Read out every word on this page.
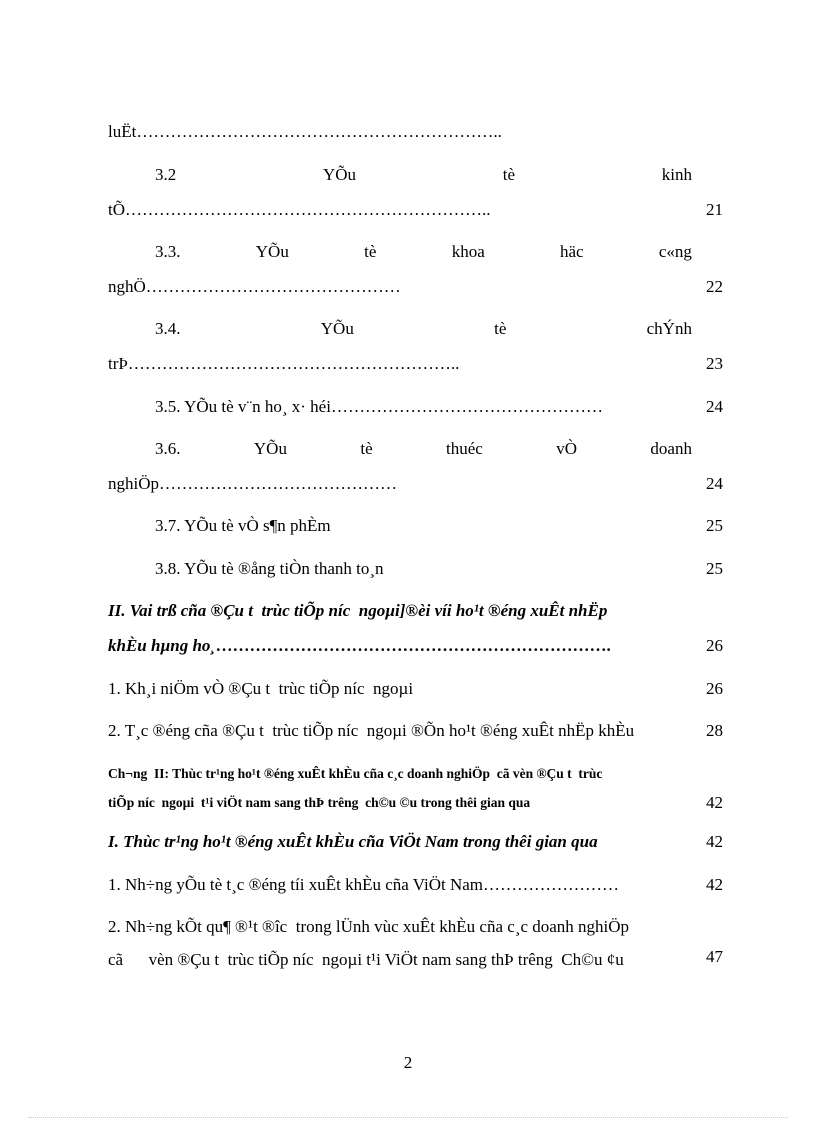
luËt………………………………………………………..
3.2	YÕu	tè	kinh
tÕ………………………………………………………..	21
3.3.	YÕu	tè	khoa	häc	c«ng
nghÖ………………………………………	22
3.4.	YÕu	tè	chÝnh
trÞ…………………………………………………..	23
3.5. YÕu tè v¨n ho¸ x· héi…………………………………………	24
3.6.	YÕu	tè	thuéc	vÒ	doanh
nghiÖp……………………………………	24
3.7. YÕu tè vÒ s¶n phÈm	25
3.8. YÕu tè ®ång tiÒn thanh to¸n	25
II. Vai trß cña ®Çu t  trùc tiÕp níc  ngoµi]®èi víi ho¹t ®éng xuÊt nhËp
khÈu hµng ho¸…………………………………………………………….	26
1. Kh¸i niÖm vÒ ®Çu t  trùc tiÕp níc  ngoµi	26
2. T¸c ®éng cña ®Çu t  trùc tiÕp níc  ngoµi ®Õn ho¹t ®éng xuÊt nhËp khÈu	28
Ch¬ng  II: Thùc tr¹ng ho¹t ®éng xuÊt khÈu cña c¸c doanh nghiÖp  cã vèn ®Çu t  trùc
tiÕp níc  ngoµi  t¹i viÖt nam sang thÞ trêng  ch©u ©u trong thêi gian qua	42
I. Thùc tr¹ng ho¹t ®éng xuÊt khÈu cña ViÖt Nam trong thêi gian qua	42
1. Nh÷ng yÕu tè t¸c ®éng tíi xuÊt khÈu cña ViÖt Nam……………………	42
2. Nh÷ng kÕt qu¶ ®¹t ®îc  trong lÜnh vùc xuÊt khÈu cña c¸c doanh nghiÖp
cã      vèn ®Çu t  trùc tiÕp níc  ngoµi t¹i ViÖt nam sang thÞ trêng  Ch©u ¢u	47
2
